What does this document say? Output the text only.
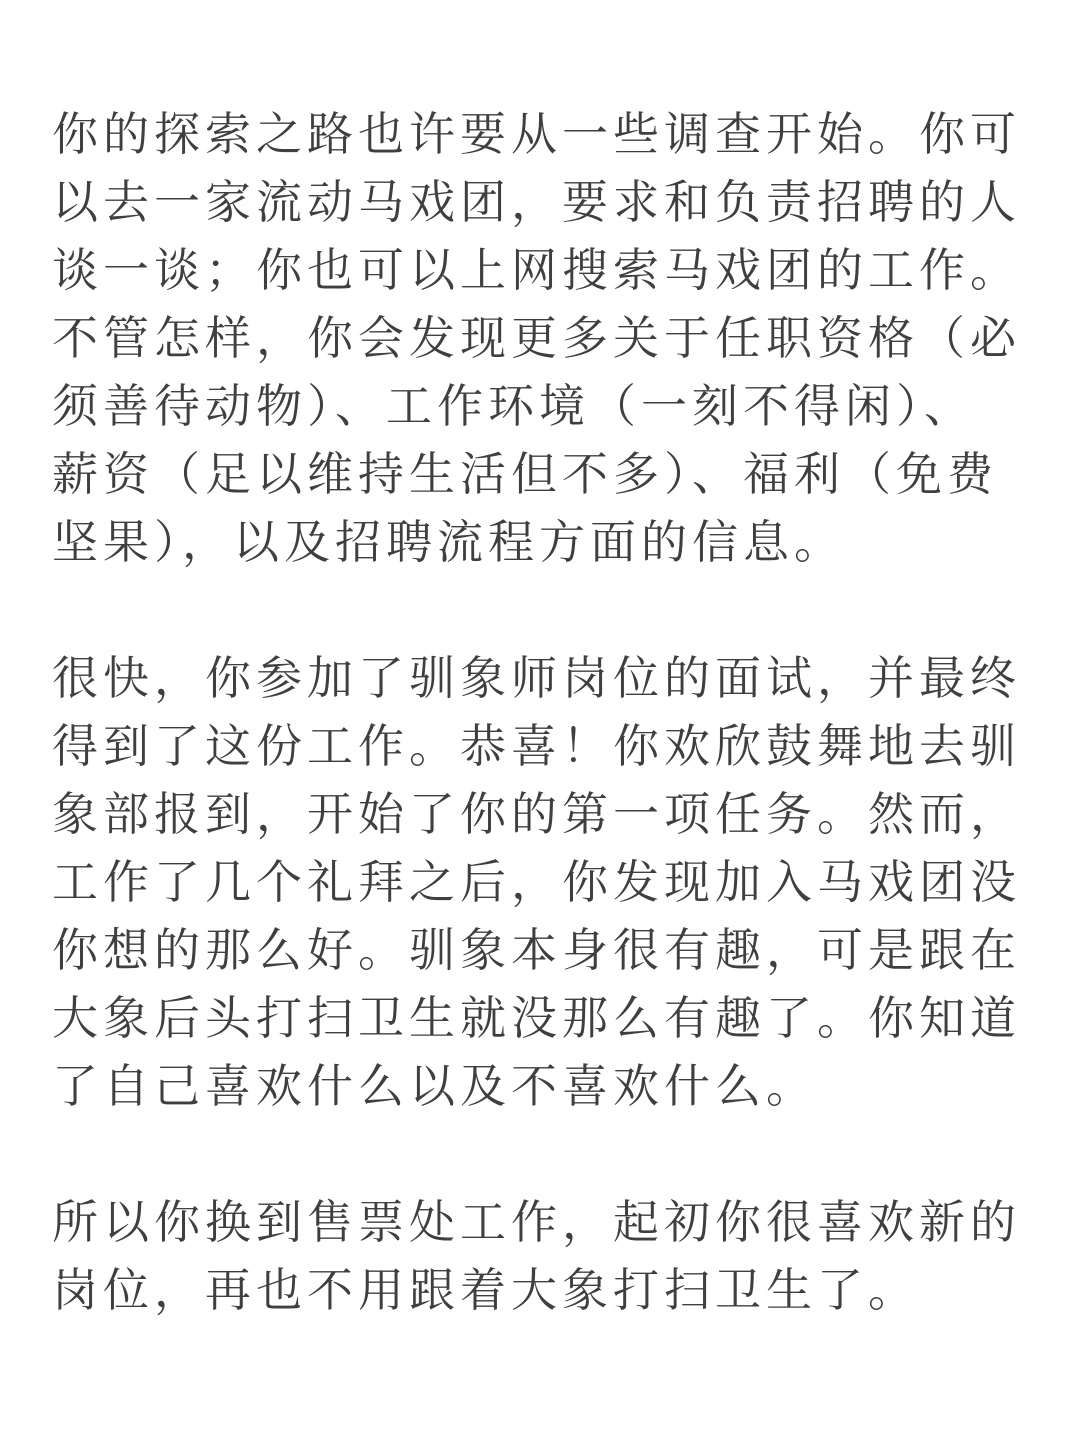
你的探索之路也许要从一些调查开始。你可
以去一家流动马戏团，要求和负责招聘的人
谈一谈；你也可以上网搜索马戏团的工作。
不管怎样，你会发现更多关于任职资格（必
须善待动物）、工作环境（一刻不得闲）、
薪资（足以维持生活但不多）、福利（免费
坚果），以及招聘流程方面的信息。
很快，你参加了驯象师岗位的面试，并最终
得到了这份工作。恭喜！你欢欣鼓舞地去驯
象部报到，开始了你的第一项任务。然而，
工作了几个礼拜之后，你发现加入马戏团没
你想的那么好。驯象本身很有趣，可是跟在
大象后头打扫卫生就没那么有趣了。你知道
了自己喜欢什么以及不喜欢什么。
所以你换到售票处工作，起初你很喜欢新的
岗位，再也不用跟着大象打扫卫生了。
